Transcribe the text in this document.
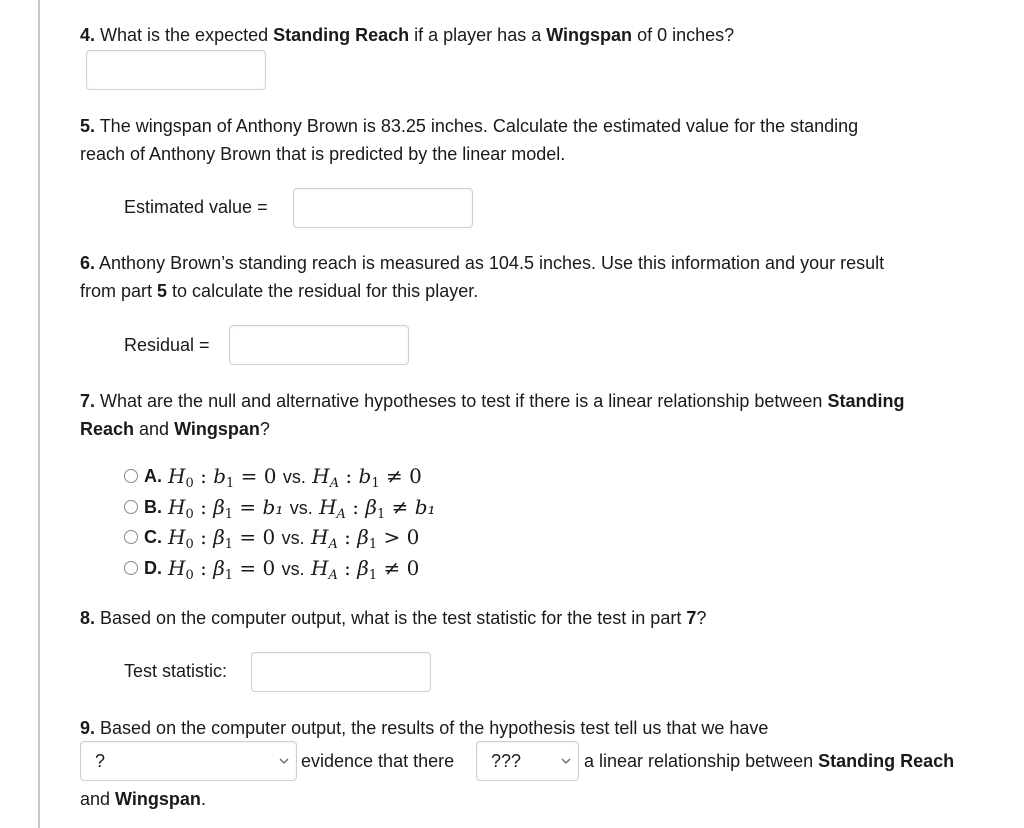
4. What is the expected Standing Reach if a player has a Wingspan of 0 inches?
5. The wingspan of Anthony Brown is 83.25 inches. Calculate the estimated value for the standing
reach of Anthony Brown that is predicted by the linear model.
Estimated value =
6. Anthony Brown’s standing reach is measured as 104.5 inches. Use this information and your result
from part 5 to calculate the residual for this player.
Residual =
7. What are the null and alternative hypotheses to test if there is a linear relationship between Standing
Reach and Wingspan?
A. $H_0$ : $b_1 = 0$ vs. $H_A$ : $b_1 \ne 0$
B. $H_0$ : $\beta_1 = b_1$ vs. $H_A$ : $\beta_1 \ne b_1$
C. $H_0$ : $\beta_1 = 0$ vs. $H_A$ : $\beta_1 > 0$
D. $H_0$ : $\beta_1 = 0$ vs. $H_A$ : $\beta_1 \ne 0$
8. Based on the computer output, what is the test statistic for the test in part 7?
Test statistic:
9. Based on the computer output, the results of the hypothesis test tell us that we have
?	evidence that there ???	a linear relationship between Standing Reach
and Wingspan.
